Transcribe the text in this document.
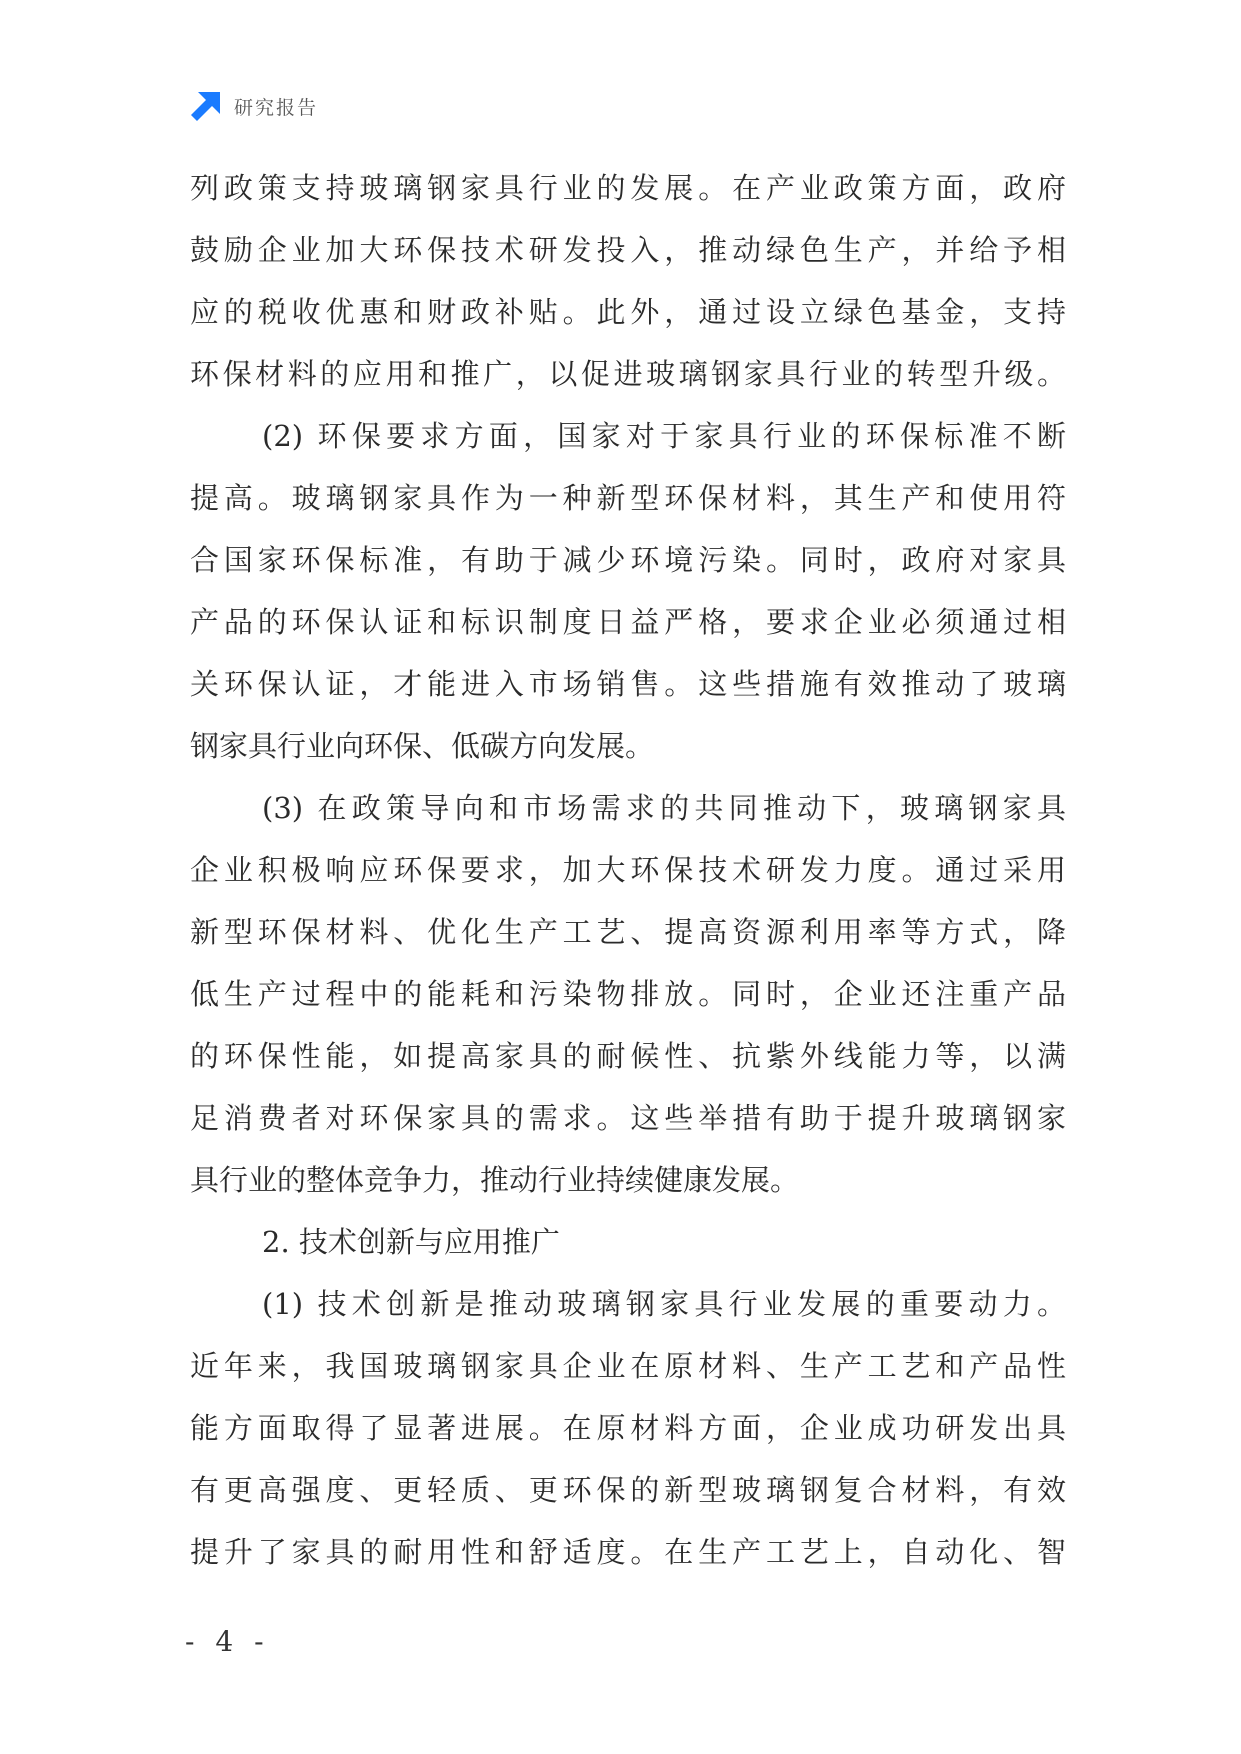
研究报告
列政策支持玻璃钢家具行业的发展。在产业政策方面，政府
鼓励企业加大环保技术研发投入，推动绿色生产，并给予相
应的税收优惠和财政补贴。此外，通过设立绿色基金，支持
环保材料的应用和推广，以促进玻璃钢家具行业的转型升级。
(2) 环保要求方面，国家对于家具行业的环保标准不断
提高。玻璃钢家具作为一种新型环保材料，其生产和使用符
合国家环保标准，有助于减少环境污染。同时，政府对家具
产品的环保认证和标识制度日益严格，要求企业必须通过相
关环保认证，才能进入市场销售。这些措施有效推动了玻璃
钢家具行业向环保、低碳方向发展。
(3) 在政策导向和市场需求的共同推动下，玻璃钢家具
企业积极响应环保要求，加大环保技术研发力度。通过采用
新型环保材料、优化生产工艺、提高资源利用率等方式，降
低生产过程中的能耗和污染物排放。同时，企业还注重产品
的环保性能，如提高家具的耐候性、抗紫外线能力等，以满
足消费者对环保家具的需求。这些举措有助于提升玻璃钢家
具行业的整体竞争力，推动行业持续健康发展。
2. 技术创新与应用推广
(1) 技术创新是推动玻璃钢家具行业发展的重要动力。
近年来，我国玻璃钢家具企业在原材料、生产工艺和产品性
能方面取得了显著进展。在原材料方面，企业成功研发出具
有更高强度、更轻质、更环保的新型玻璃钢复合材料，有效
提升了家具的耐用性和舒适度。在生产工艺上，自动化、智
- 4 -
